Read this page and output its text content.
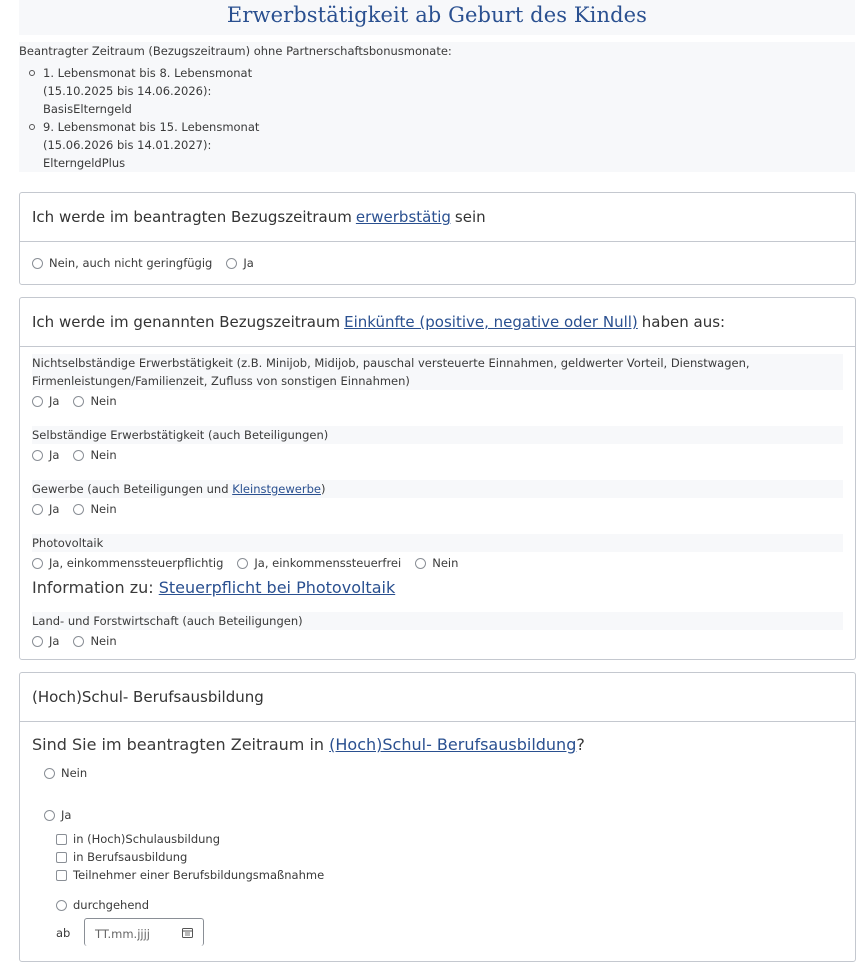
Erwerbstätigkeit ab Geburt des Kindes
Beantragter Zeitraum (Bezugszeitraum) ohne Partnerschaftsbonusmonate:
1. Lebensmonat bis 8. Lebensmonat
(15.10.2025 bis 14.06.2026):
BasisElterngeld
9. Lebensmonat bis 15. Lebensmonat
(15.06.2026 bis 14.01.2027):
ElterngeldPlus
Ich werde im beantragten Bezugszeitraum erwerbstätig sein
Nein, auch nicht geringfügig	Ja
Ich werde im genannten Bezugszeitraum Einkünfte (positive, negative oder Null) haben aus:
Nichtselbständige Erwerbstätigkeit (z.B. Minijob, Midijob, pauschal versteuerte Einnahmen, geldwerter Vorteil, Dienstwagen,
Firmenleistungen/Familienzeit, Zufluss von sonstigen Einnahmen)
Ja	Nein
Selbständige Erwerbstätigkeit (auch Beteiligungen)
Ja	Nein
Gewerbe (auch Beteiligungen und Kleinstgewerbe)
Ja	Nein
Photovoltaik
Ja, einkommenssteuerpflichtig	Ja, einkommenssteuerfrei	Nein
Information zu:
Steuerpflicht bei Photovoltaik
Land- und Forstwirtschaft (auch Beteiligungen)
Ja	Nein
(Hoch)Schul- Berufsausbildung
Sind Sie im beantragten Zeitraum in (Hoch)Schul- Berufsausbildung?
Nein
Ja
in (Hoch)Schulausbildung
in Berufsausbildung
Teilnehmer einer Berufsbildungsmaßnahme
durchgehend
ab	TT.mm.jjjj
